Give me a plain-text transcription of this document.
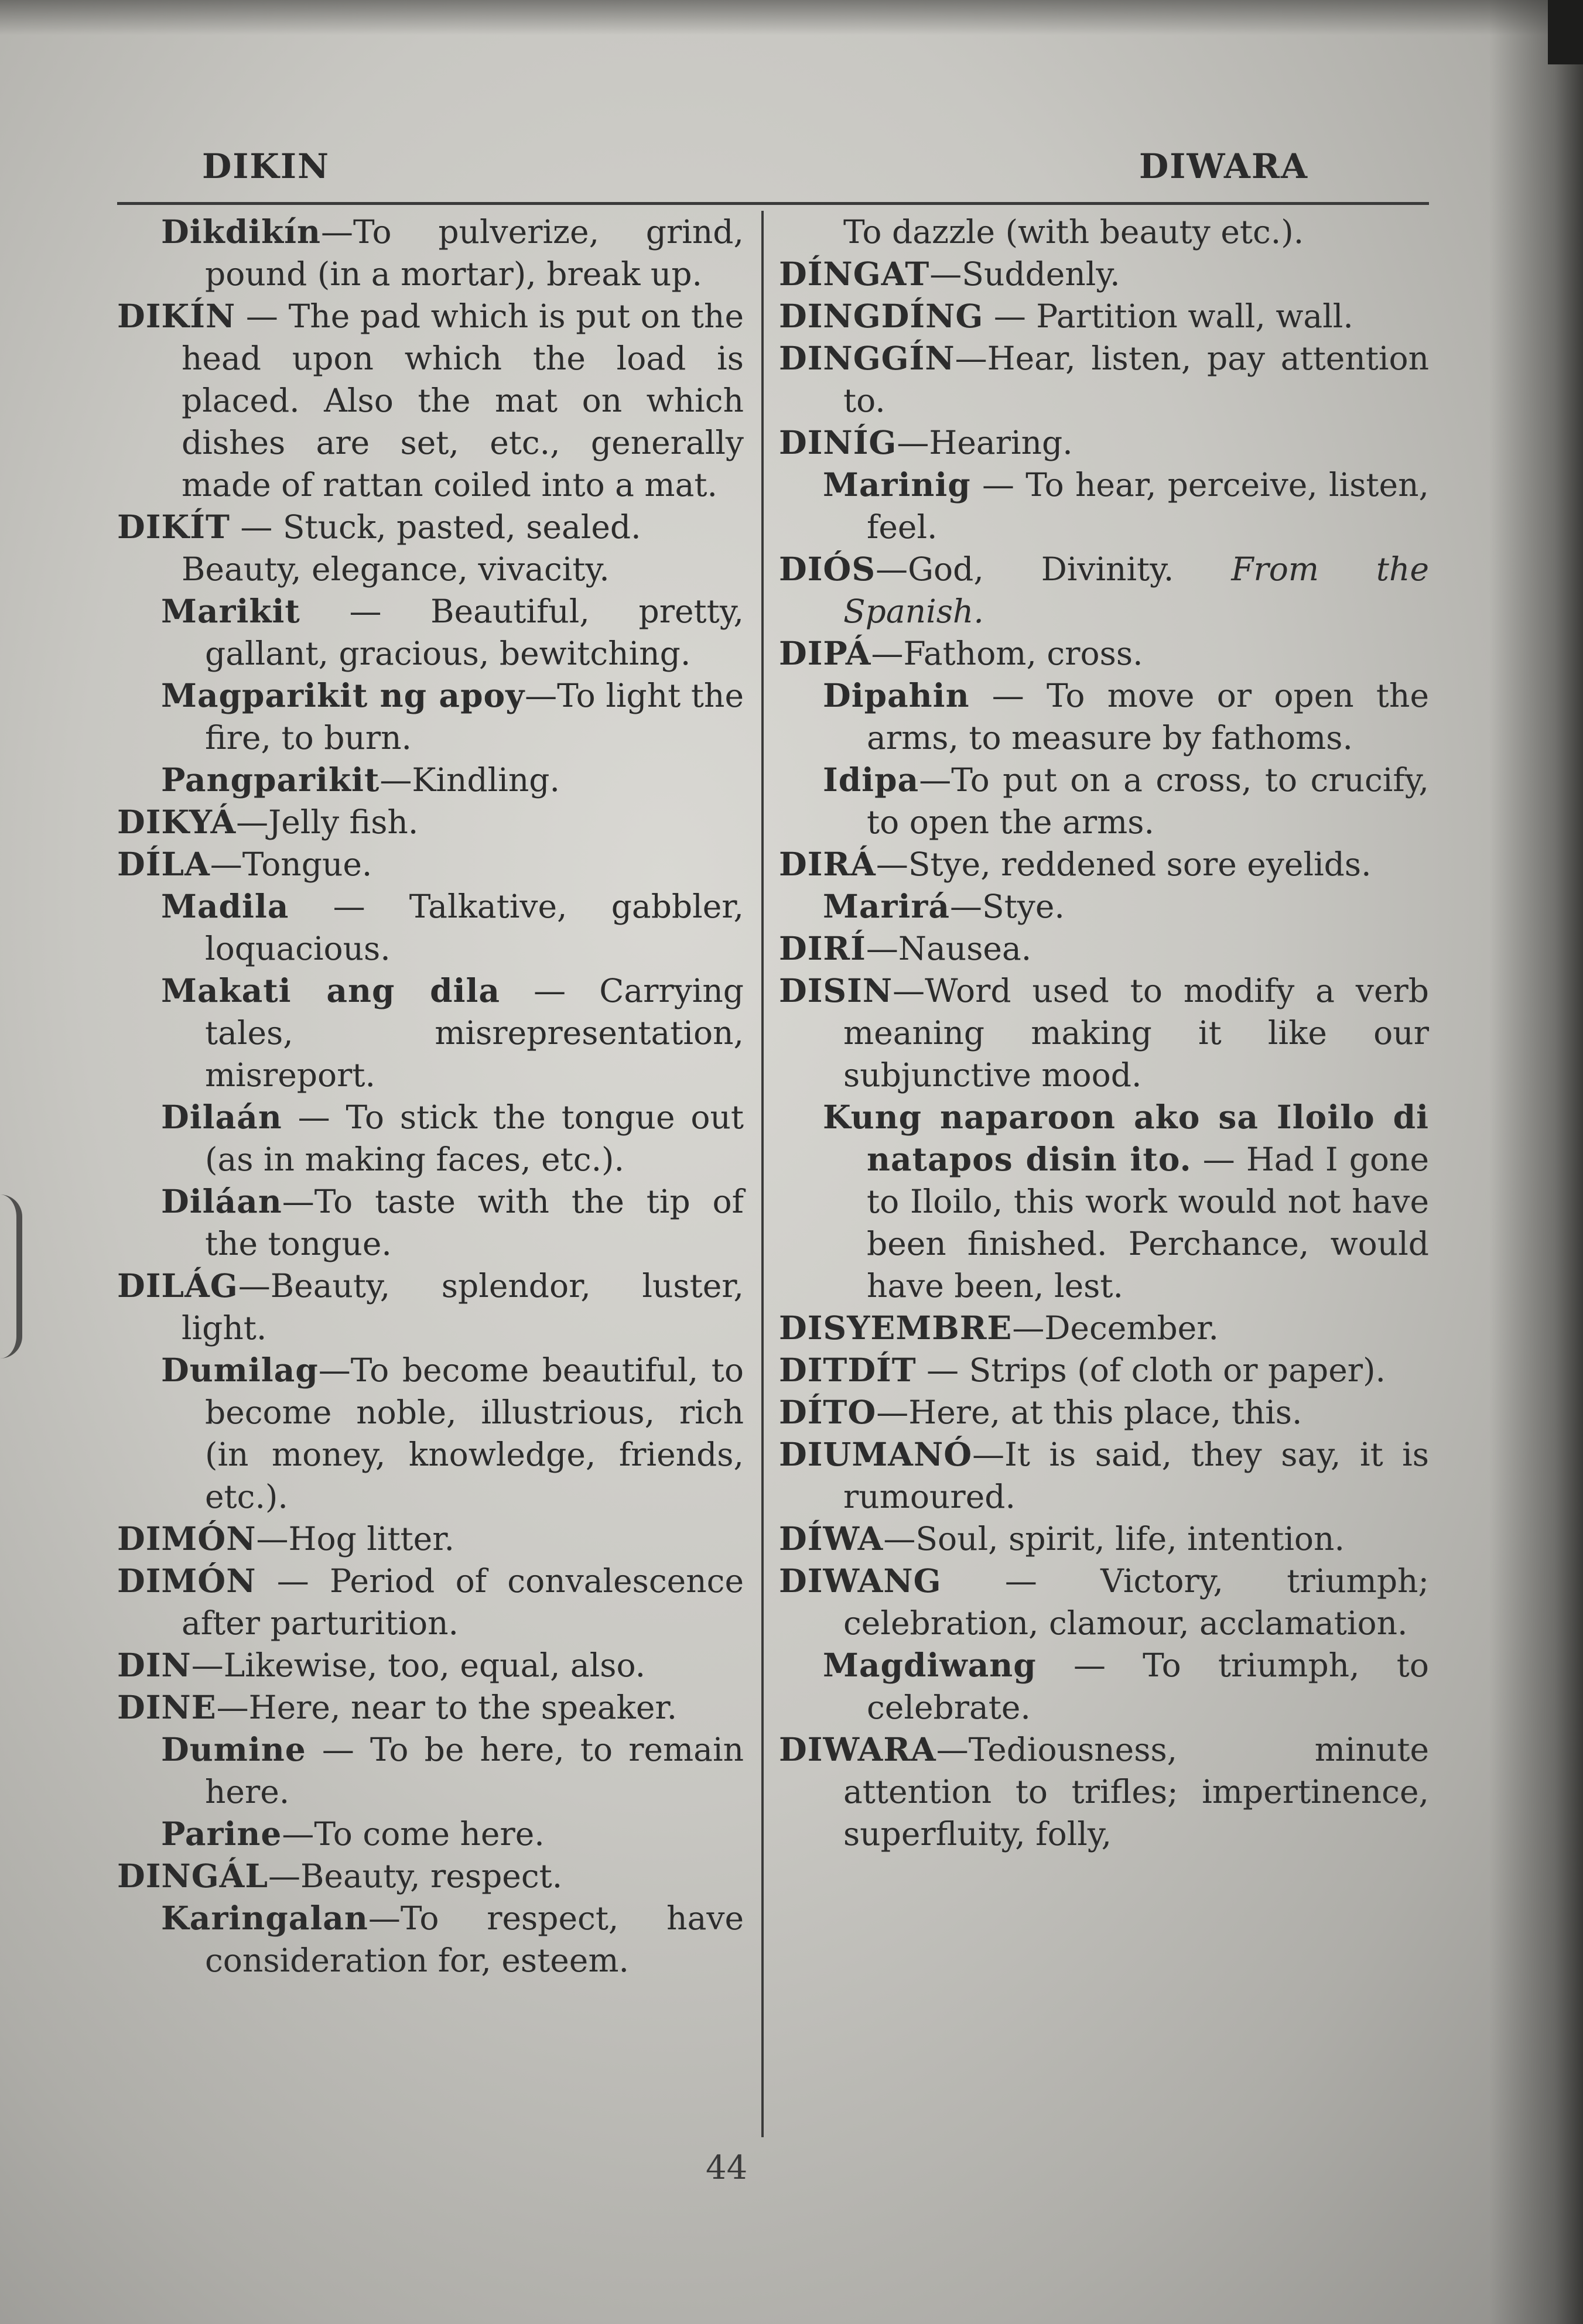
DIKIN	DIWARA

Dikdikín—To pulverize, grind, pound (in a mortar), break up.

DIKÍN — The pad which is put on the head upon which the load is placed. Also the mat on which dishes are set, etc., generally made of rattan coiled into a mat.

DIKÍT — Stuck, pasted, sealed.

Beauty, elegance, vivacity.

Marikit — Beautiful, pretty, gallant, gracious, bewitching.

Magparikit ng apoy—To light the fire, to burn.

Pangparikit—Kindling.

DIKYÁ—Jelly fish.

DÍLA—Tongue.

Madila — Talkative, gabbler, loquacious.

Makati ang dila — Carrying tales, misrepresentation, misreport.

Dilaán — To stick the tongue out (as in making faces, etc.).

Diláan—To taste with the tip of the tongue.

DILÁG—Beauty, splendor, luster, light.

Dumilag—To become beautiful, to become noble, illustrious, rich (in money, knowledge, friends, etc.).

DIMÓN—Hog litter.

DIMÓN — Period of convalescence after parturition.

DIN—Likewise, too, equal, also.

DINE—Here, near to the speaker.

Dumine — To be here, to remain here.

Parine—To come here.

DINGÁL—Beauty, respect.

Karingalan—To respect, have consideration for, esteem.

To dazzle (with beauty etc.).

DÍNGAT—Suddenly.

DINGDÍNG — Partition wall, wall.

DINGGÍN—Hear, listen, pay attention to.

DINÍG—Hearing.

Marinig — To hear, perceive, listen, feel.

DIÓS—God, Divinity. From the Spanish.

DIPÁ—Fathom, cross.

Dipahin — To move or open the arms, to measure by fathoms.

Idipa—To put on a cross, to crucify, to open the arms.

DIRÁ—Stye, reddened sore eyelids.

Marirá—Stye.

DIRÍ—Nausea.

DISIN—Word used to modify a verb meaning making it like our subjunctive mood.

Kung naparoon ako sa Iloilo di natapos disin ito. — Had I gone to Iloilo, this work would not have been finished. Perchance, would have been, lest.

DISYEMBRE—December.

DITDÍT — Strips (of cloth or paper).

DÍTO—Here, at this place, this.

DIUMANÓ—It is said, they say, it is rumoured.

DÍWA—Soul, spirit, life, intention.

DIWANG — Victory, triumph; celebration, clamour, acclamation.

Magdiwang — To triumph, to celebrate.

DIWARA—Tediousness, minute attention to trifles; impertinence, superfluity, folly,

44
